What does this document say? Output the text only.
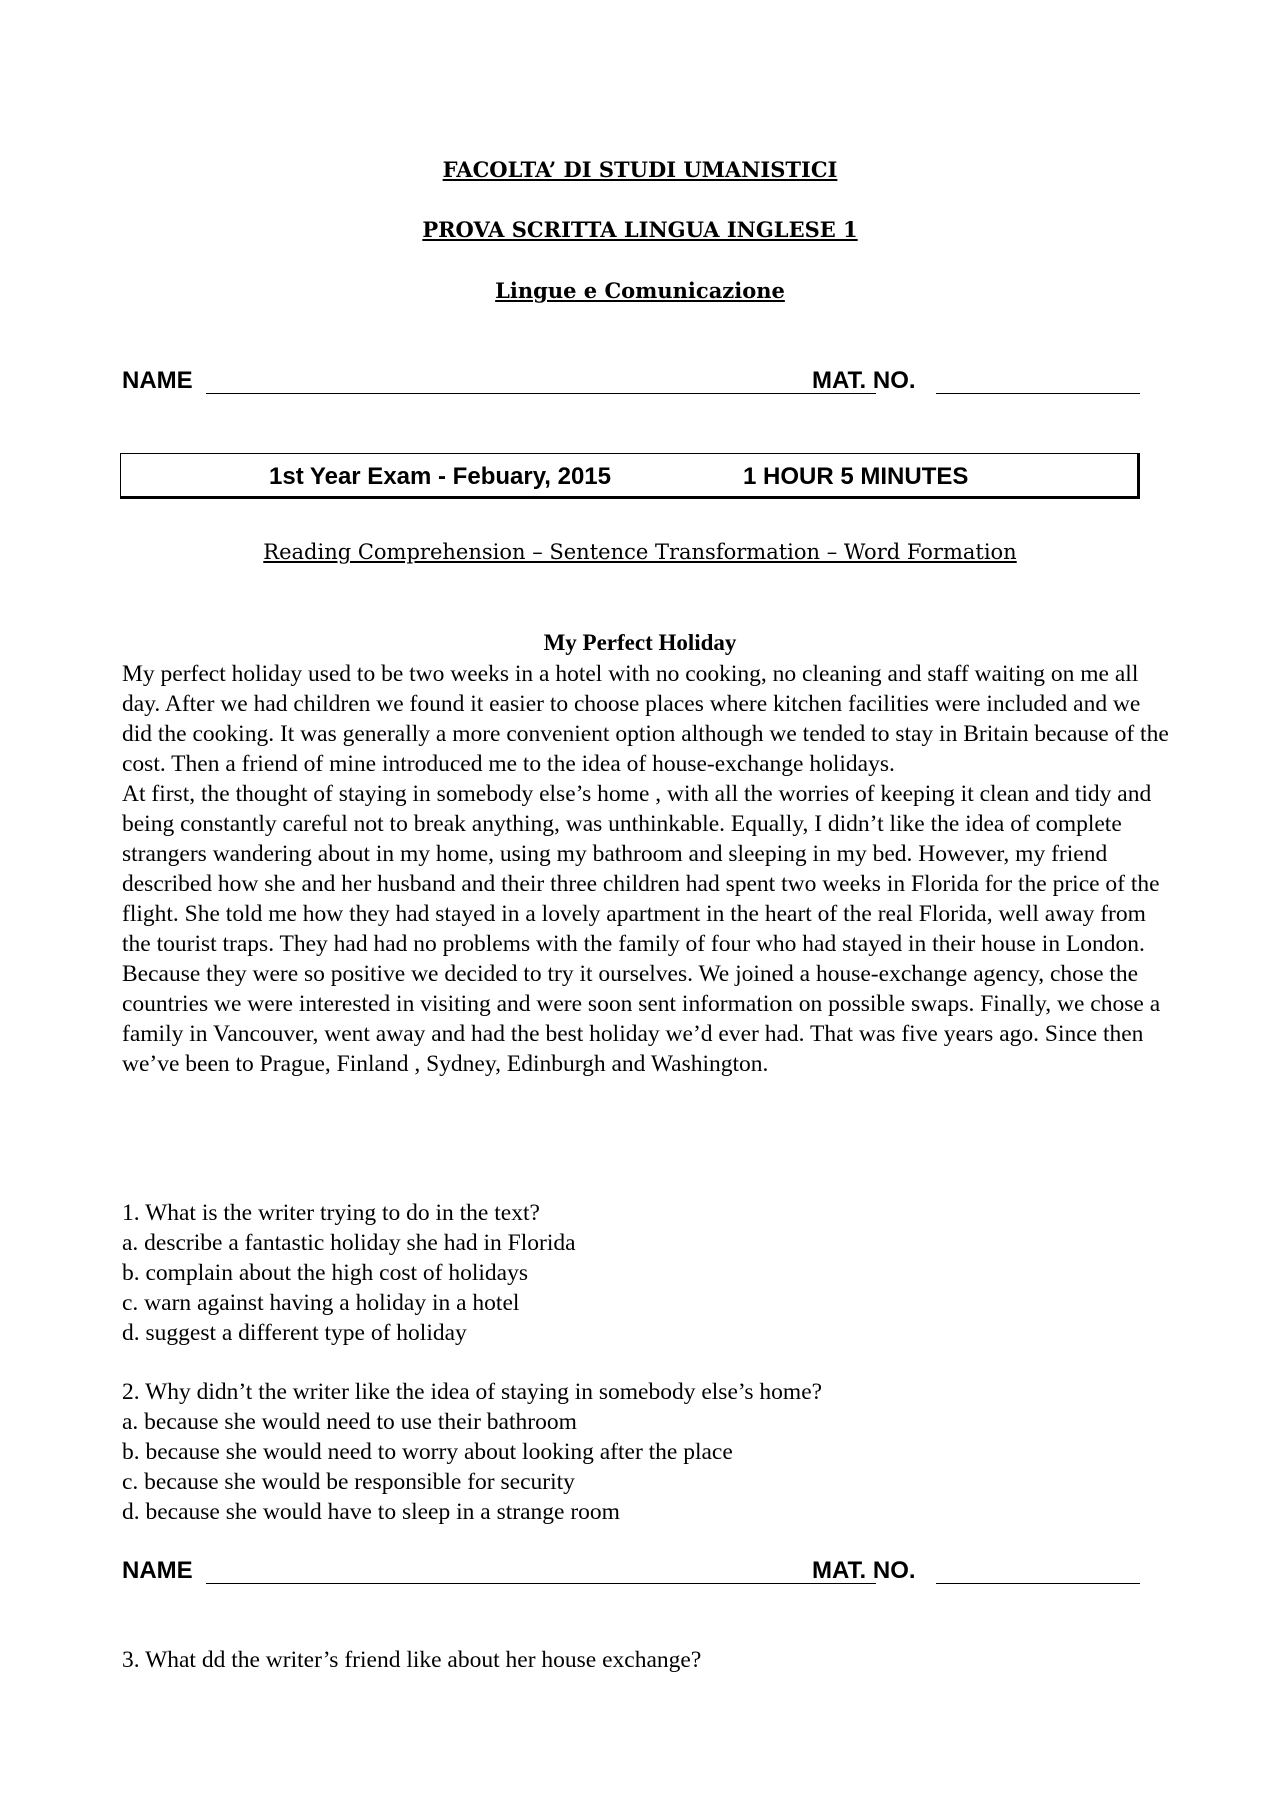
FACOLTA’ DI STUDI UMANISTICI
PROVA SCRITTA LINGUA INGLESE 1
Lingue e Comunicazione
NAME	MAT. NO.
1st Year Exam - Febuary, 2015	1 HOUR 5 MINUTES
Reading Comprehension – Sentence Transformation – Word Formation
My Perfect Holiday

My perfect holiday used to be two weeks in a hotel with no cooking, no cleaning and staff waiting on me all day. After we had children we found it easier to choose places where kitchen facilities were included and we did the cooking. It was generally a more convenient option although we tended to stay in Britain because of the cost. Then a friend of mine introduced me to the idea of house-exchange holidays.

At first, the thought of staying in somebody else’s home , with all the worries of keeping it clean and tidy and being constantly careful not to break anything, was unthinkable. Equally, I didn’t like the idea of complete strangers wandering about in my home, using my bathroom and sleeping in my bed. However, my friend described how she and her husband and their three children had spent two weeks in Florida for the price of the flight. She told me how they had stayed in a lovely apartment in the heart of the real Florida, well away from the tourist traps. They had had no problems with the family of four who had stayed in their house in London.

Because they were so positive we decided to try it ourselves. We joined a house-exchange agency, chose the countries we were interested in visiting and were soon sent information on possible swaps. Finally, we chose a family in Vancouver, went away and had the best holiday we’d ever had. That was five years ago. Since then we’ve been to Prague, Finland , Sydney, Edinburgh and Washington.

1. What is the writer trying to do in the text?
a. describe a fantastic holiday she had in Florida
b. complain about the high cost of holidays
c. warn against having a holiday in a hotel
d. suggest a different type of holiday
2. Why didn’t the writer like the idea of staying in somebody else’s home?
a. because she would need to use their bathroom
b. because she would need to worry about looking after the place
c. because she would be responsible for security
d. because she would have to sleep in a strange room
NAME	MAT. NO.
3. What dd the writer’s friend like about her house exchange?
